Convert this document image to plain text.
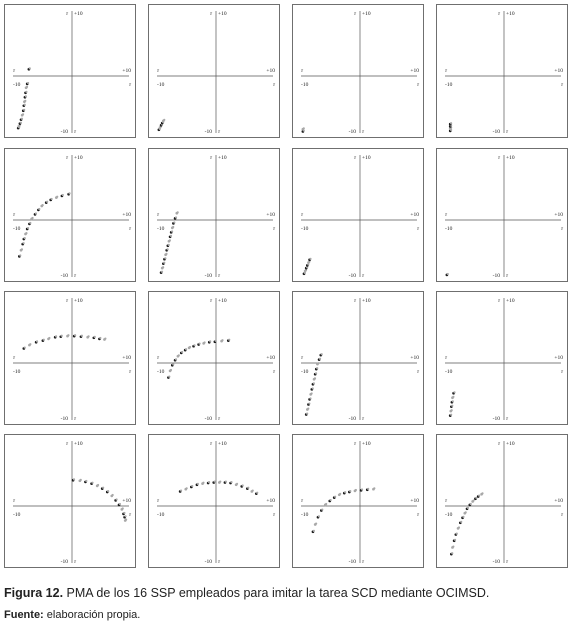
τ +10
-10 τ
τ
-10
+10
τ
τ +10
-10 τ
τ
-10
+10
τ
τ +10
-10 τ
τ
-10
+10
τ
τ +10
-10 τ
τ
-10
+10
τ
τ +10
-10 τ
τ
-10
+10
τ
τ +10
-10 τ
τ
-10
+10
τ
τ +10
-10 τ
τ
-10
+10
τ
τ +10
-10 τ
τ
-10
+10
τ
τ +10
-10 τ
τ
-10
+10
τ
τ +10
-10 τ
τ
-10
+10
τ
τ +10
-10 τ
τ
-10
+10
τ
τ +10
-10 τ
τ
-10
+10
τ
τ +10
-10 τ
τ
-10
+10
τ
τ +10
-10 τ
τ
-10
+10
τ
τ +10
-10 τ
τ
-10
+10
τ
τ +10
-10 τ
τ
-10
+10
τ
Figura 12. PMA de los 16 SSP empleados para imitar la tarea SCD mediante OCIMSD.
Fuente: elaboración propia.
